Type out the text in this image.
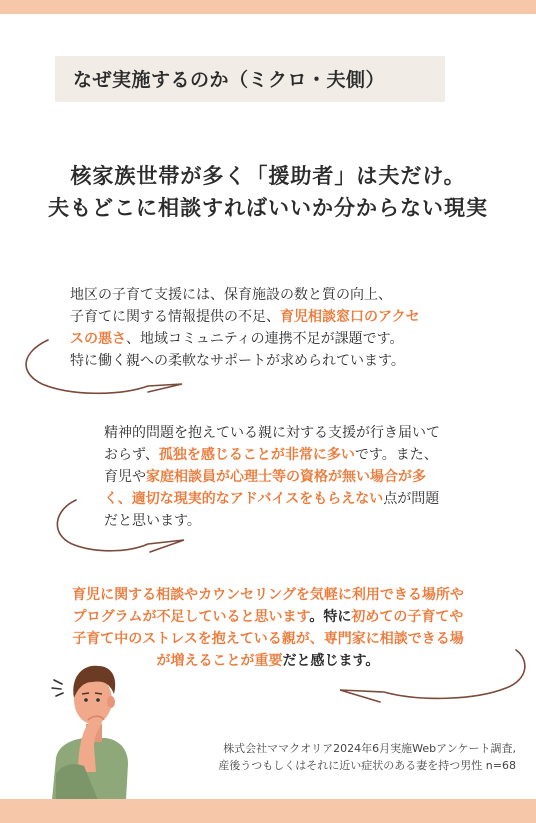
なぜ実施するのか（ミクロ・夫側）
核家族世帯が多く「援助者」は夫だけ。
夫もどこに相談すればいいか分からない現実
地区の子育て支援には、保育施設の数と質の向上、
子育てに関する情報提供の不足、育児相談窓口のアクセ
スの悪さ、地域コミュニティの連携不足が課題です。
特に働く親への柔軟なサポートが求められています。
精神的問題を抱えている親に対する支援が行き届いて
おらず、孤独を感じることが非常に多いです。また、
育児や家庭相談員が心理士等の資格が無い場合が多
く、適切な現実的なアドバイスをもらえない点が問題
だと思います。
育児に関する相談やカウンセリングを気軽に利用できる場所や
プログラムが不足していると思います。特に初めての子育てや
子育て中のストレスを抱えている親が、専門家に相談できる場
が増えることが重要だと感じます。
株式会社ママクオリア2024年6月実施Webアンケート調査,
産後うつもしくはそれに近い症状のある妻を持つ男性 n=68
